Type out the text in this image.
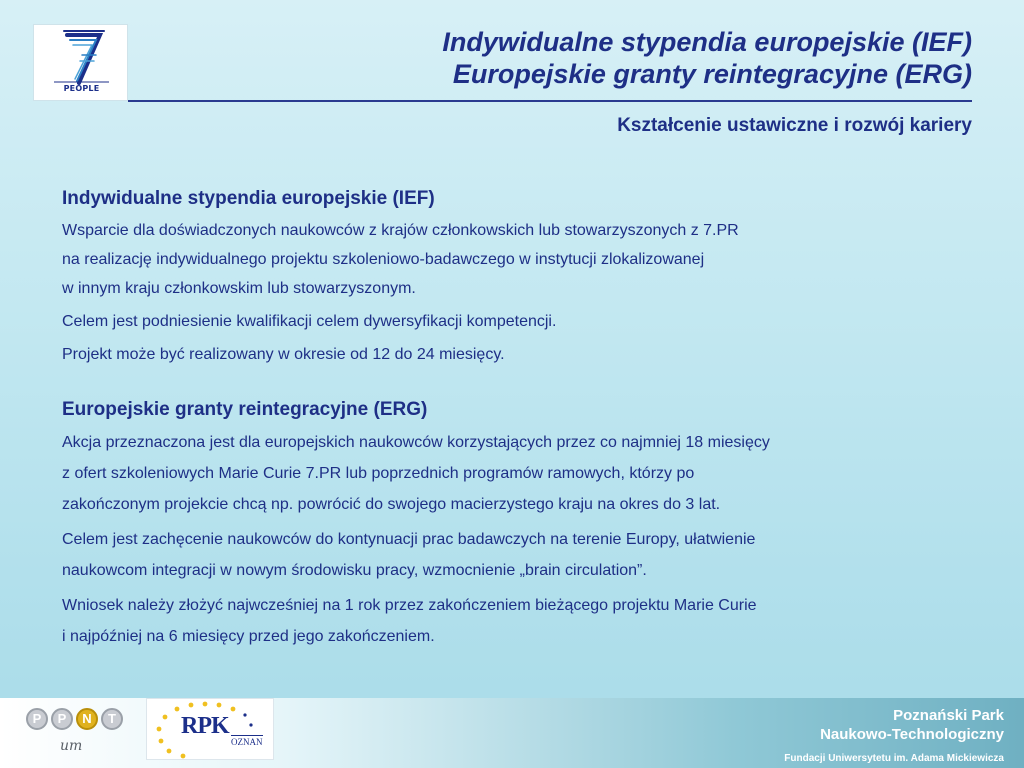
PEOPLE
Indywidualne stypendia europejskie (IEF)
Europejskie granty reintegracyjne (ERG)
Kształcenie ustawiczne i rozwój kariery
Indywidualne stypendia europejskie (IEF)
Wsparcie dla doświadczonych naukowców z krajów członkowskich lub stowarzyszonych z 7.PR
na realizację indywidualnego projektu szkoleniowo-badawczego w instytucji zlokalizowanej
w innym kraju członkowskim lub stowarzyszonym.
Celem jest podniesienie kwalifikacji celem dywersyfikacji kompetencji.
Projekt może być realizowany w okresie od 12 do 24 miesięcy.
Europejskie granty reintegracyjne (ERG)
Akcja przeznaczona jest dla europejskich naukowców korzystających przez co najmniej 18 miesięcy
z ofert szkoleniowych Marie Curie 7.PR lub poprzednich programów ramowych, którzy po
zakończonym projekcie chcą np. powrócić do swojego macierzystego kraju na okres do 3 lat.
Celem jest zachęcenie naukowców do kontynuacji prac badawczych na terenie Europy, ułatwienie
naukowcom integracji w nowym środowisku pracy, wzmocnienie „brain circulation”.
Wniosek należy złożyć najwcześniej na 1 rok przez zakończeniem bieżącego projektu Marie Curie
i najpóźniej na 6 miesięcy przed jego zakończeniem.
P	P	N	T
um
RPK
OZNAN
Poznański Park
Naukowo-Technologiczny
Fundacji Uniwersytetu im. Adama Mickiewicza
